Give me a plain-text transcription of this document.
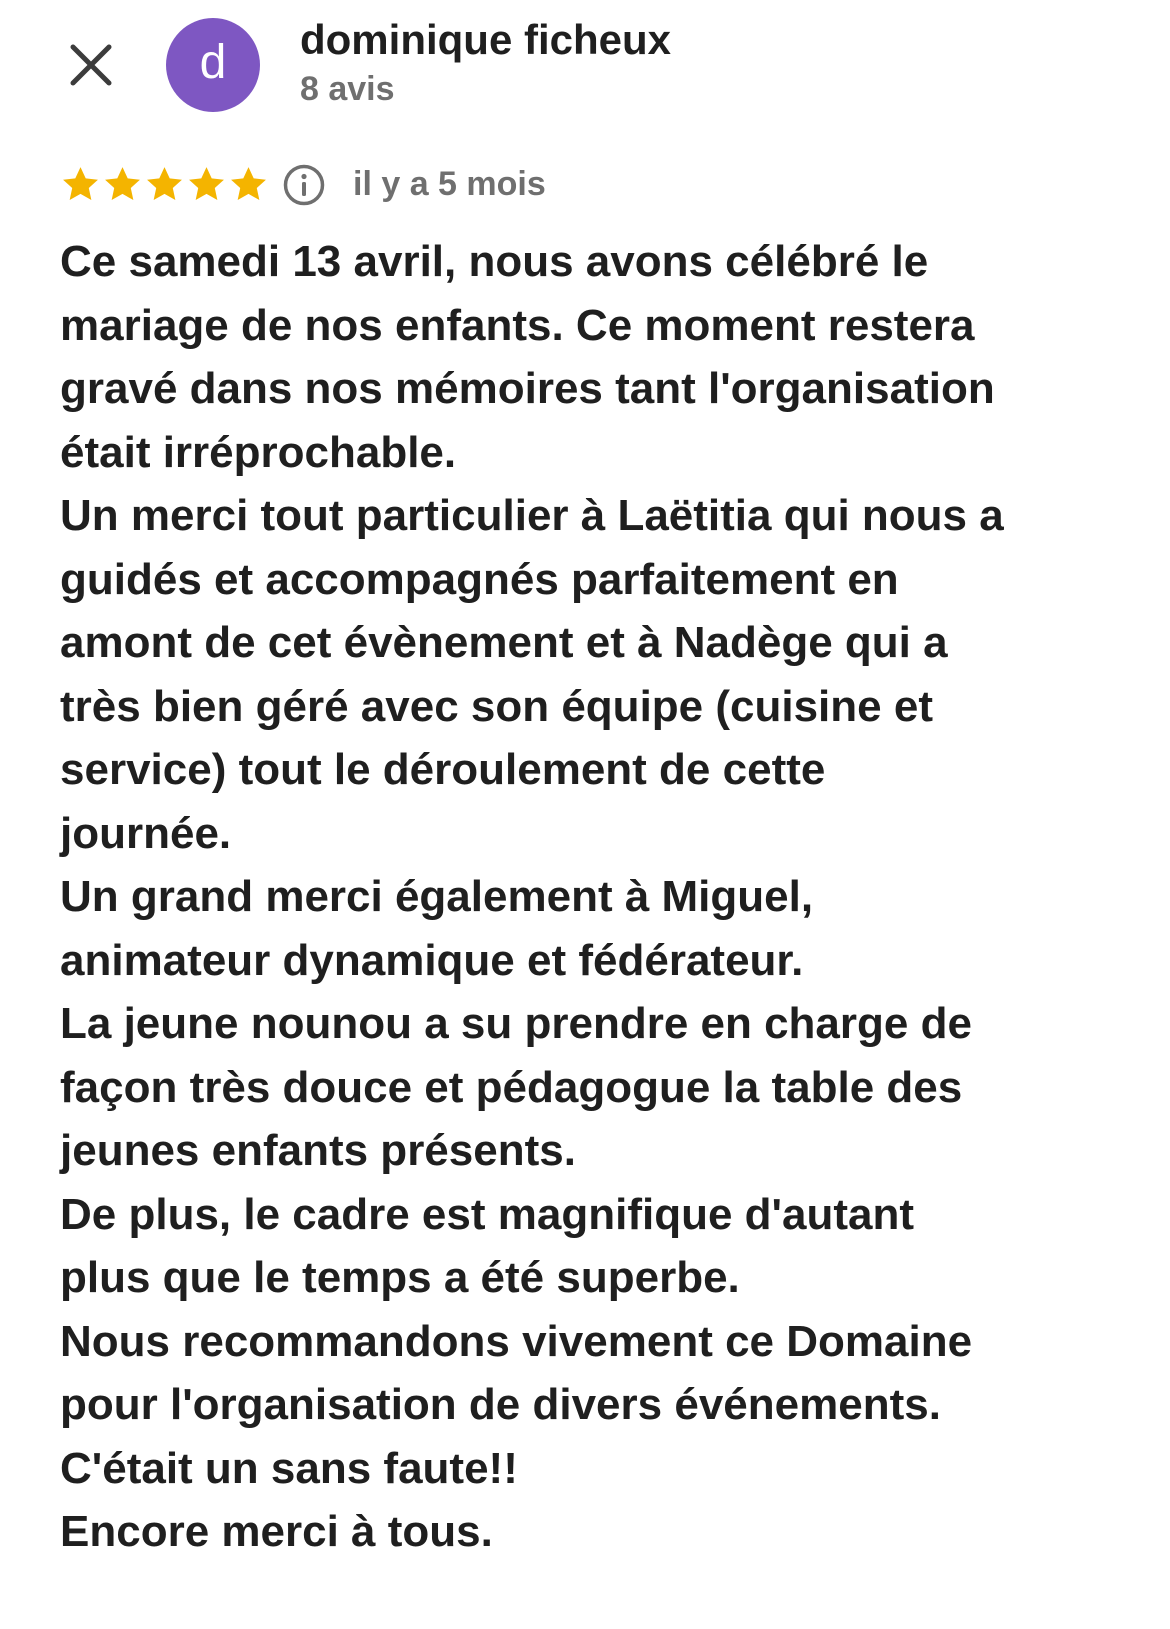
d	dominique ficheux
8 avis
il y a 5 mois
Ce samedi 13 avril, nous avons célébré le
mariage de nos enfants. Ce moment restera
gravé dans nos mémoires tant l'organisation
était irréprochable.
Un merci tout particulier à Laëtitia qui nous a
guidés et accompagnés parfaitement en
amont de cet évènement et à Nadège qui a
très bien géré avec son équipe (cuisine et
service) tout le déroulement de cette
journée.
Un grand merci également à Miguel,
animateur dynamique et fédérateur.
La jeune nounou a su prendre en charge de
façon très douce et pédagogue la table des
jeunes enfants présents.
De plus, le cadre est magnifique d'autant
plus que le temps a été superbe.
Nous recommandons vivement ce Domaine
pour l'organisation de divers événements.
C'était un sans faute!!
Encore merci à tous.
